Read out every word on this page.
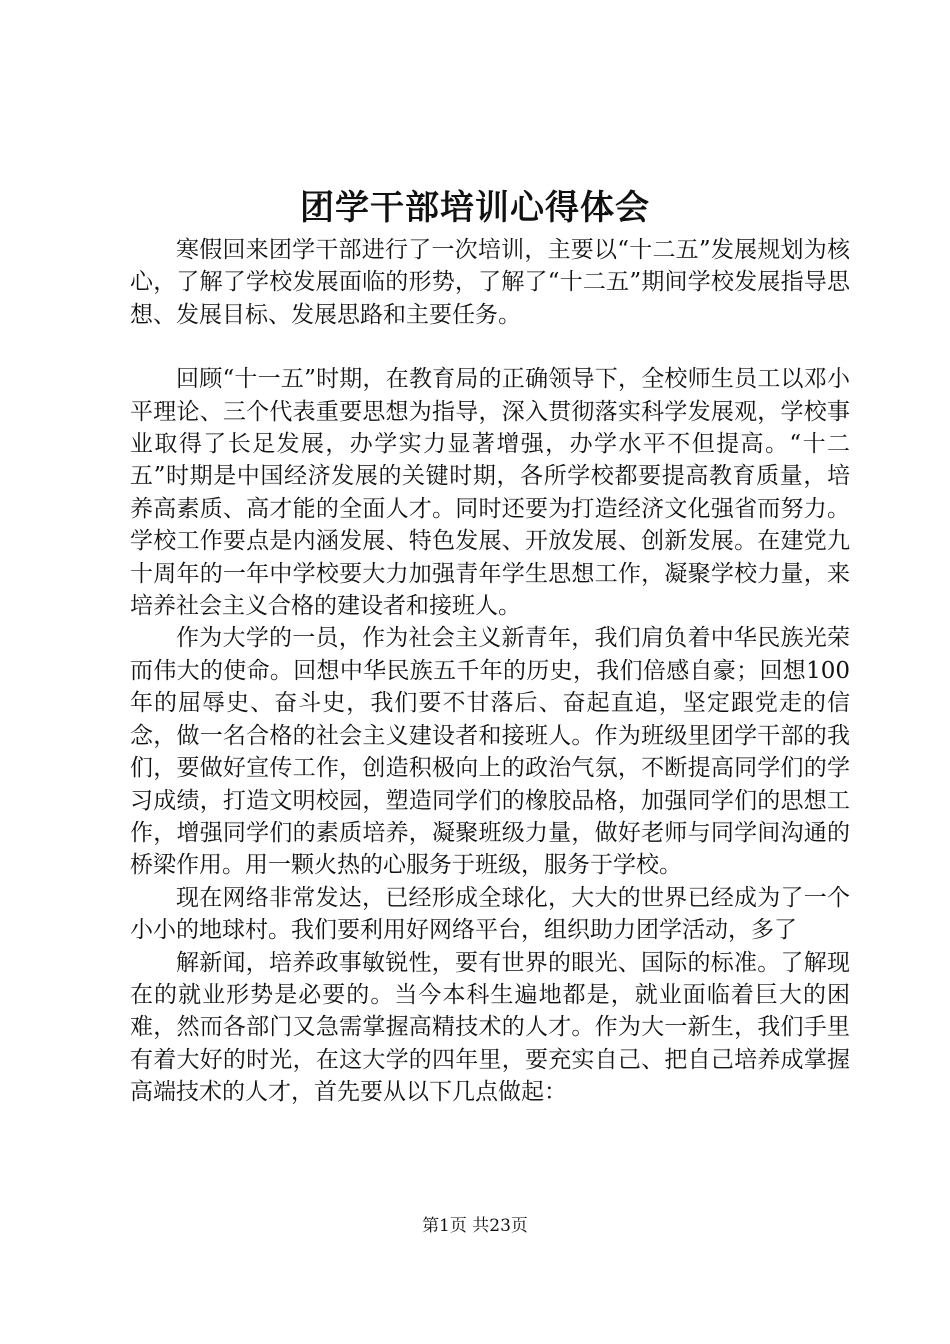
团学干部培训心得体会

寒假回来团学干部进行了一次培训，主要以“十二五”发展规划为核心，了解了学校发展面临的形势，了解了“十二五”期间学校发展指导思想、发展目标、发展思路和主要任务。

回顾“十一五”时期，在教育局的正确领导下，全校师生员工以邓小平理论、三个代表重要思想为指导，深入贯彻落实科学发展观，学校事业取得了长足发展，办学实力显著增强，办学水平不但提高。“十二五”时期是中国经济发展的关键时期，各所学校都要提高教育质量，培养高素质、高才能的全面人才。同时还要为打造经济文化强省而努力。学校工作要点是内涵发展、特色发展、开放发展、创新发展。在建党九十周年的一年中学校要大力加强青年学生思想工作，凝聚学校力量，来培养社会主义合格的建设者和接班人。

作为大学的一员，作为社会主义新青年，我们肩负着中华民族光荣而伟大的使命。回想中华民族五千年的历史，我们倍感自豪；回想100年的屈辱史、奋斗史，我们要不甘落后、奋起直追，坚定跟党走的信念，做一名合格的社会主义建设者和接班人。作为班级里团学干部的我们，要做好宣传工作，创造积极向上的政治气氛，不断提高同学们的学习成绩，打造文明校园，塑造同学们的橡胶品格，加强同学们的思想工作，增强同学们的素质培养，凝聚班级力量，做好老师与同学间沟通的桥梁作用。用一颗火热的心服务于班级，服务于学校。

现在网络非常发达，已经形成全球化，大大的世界已经成为了一个小小的地球村。我们要利用好网络平台，组织助力团学活动，多了

解新闻，培养政事敏锐性，要有世界的眼光、国际的标准。了解现在的就业形势是必要的。当今本科生遍地都是，就业面临着巨大的困难，然而各部门又急需掌握高精技术的人才。作为大一新生，我们手里有着大好的时光，在这大学的四年里，要充实自己、把自己培养成掌握高端技术的人才，首先要从以下几点做起：

第1页 共23页
